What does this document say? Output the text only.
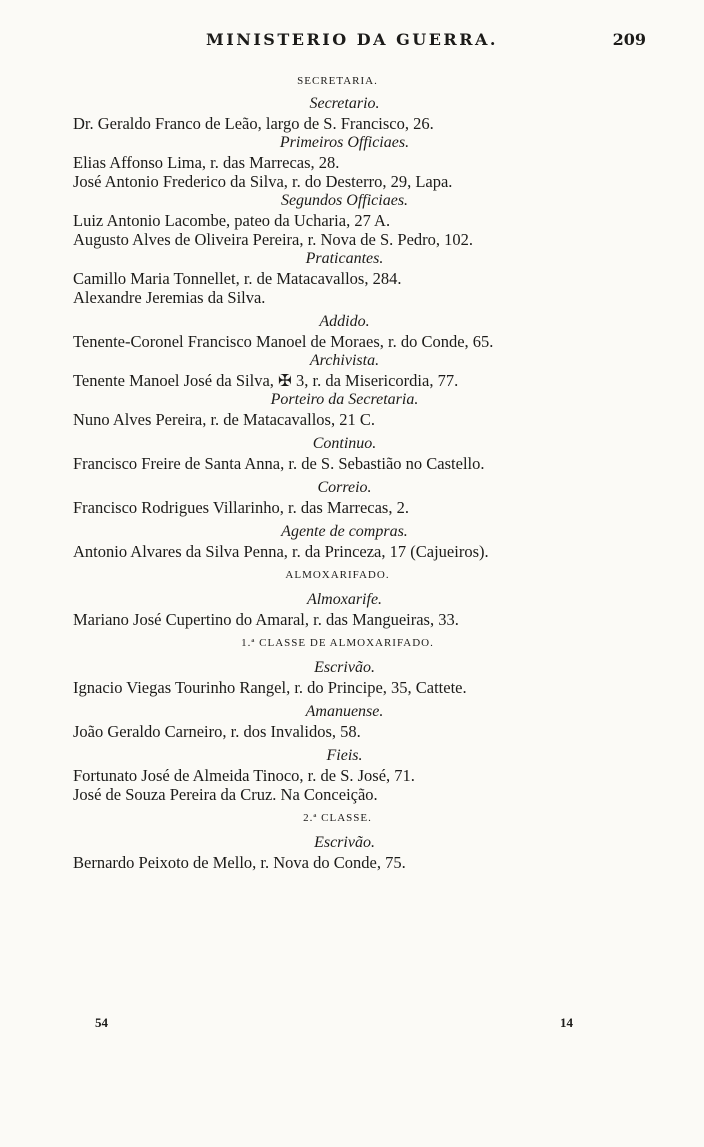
MINISTERIO DA GUERRA.	209
SECRETARIA.
Secretario.
Dr. Geraldo Franco de Leão, largo de S. Francisco, 26.
Primeiros Officiaes.
Elias Affonso Lima, r. das Marrecas, 28.
José Antonio Frederico da Silva, r. do Desterro, 29, Lapa.
Segundos Officiaes.
Luiz Antonio Lacombe, pateo da Ucharia, 27 A.
Augusto Alves de Oliveira Pereira, r. Nova de S. Pedro, 102.
Praticantes.
Camillo Maria Tonnellet, r. de Matacavallos, 284.
Alexandre Jeremias da Silva.
Addido.
Tenente-Coronel Francisco Manoel de Moraes, r. do Conde, 65.
Archivista.
Tenente Manoel José da Silva, ✠ 3, r. da Misericordia, 77.
Porteiro da Secretaria.
Nuno Alves Pereira, r. de Matacavallos, 21 C.
Continuo.
Francisco Freire de Santa Anna, r. de S. Sebastião no Castello.
Correio.
Francisco Rodrigues Villarinho, r. das Marrecas, 2.
Agente de compras.
Antonio Alvares da Silva Penna, r. da Princeza, 17 (Cajueiros).
ALMOXARIFADO.
Almoxarife.
Mariano José Cupertino do Amaral, r. das Mangueiras, 33.
1.ª CLASSE DE ALMOXARIFADO.
Escrivão.
Ignacio Viegas Tourinho Rangel, r. do Principe, 35, Cattete.
Amanuense.
João Geraldo Carneiro, r. dos Invalidos, 58.
Fieis.
Fortunato José de Almeida Tinoco, r. de S. José, 71.
José de Souza Pereira da Cruz. Na Conceição.
2.ª CLASSE.
Escrivão.
Bernardo Peixoto de Mello, r. Nova do Conde, 75.
54	14
